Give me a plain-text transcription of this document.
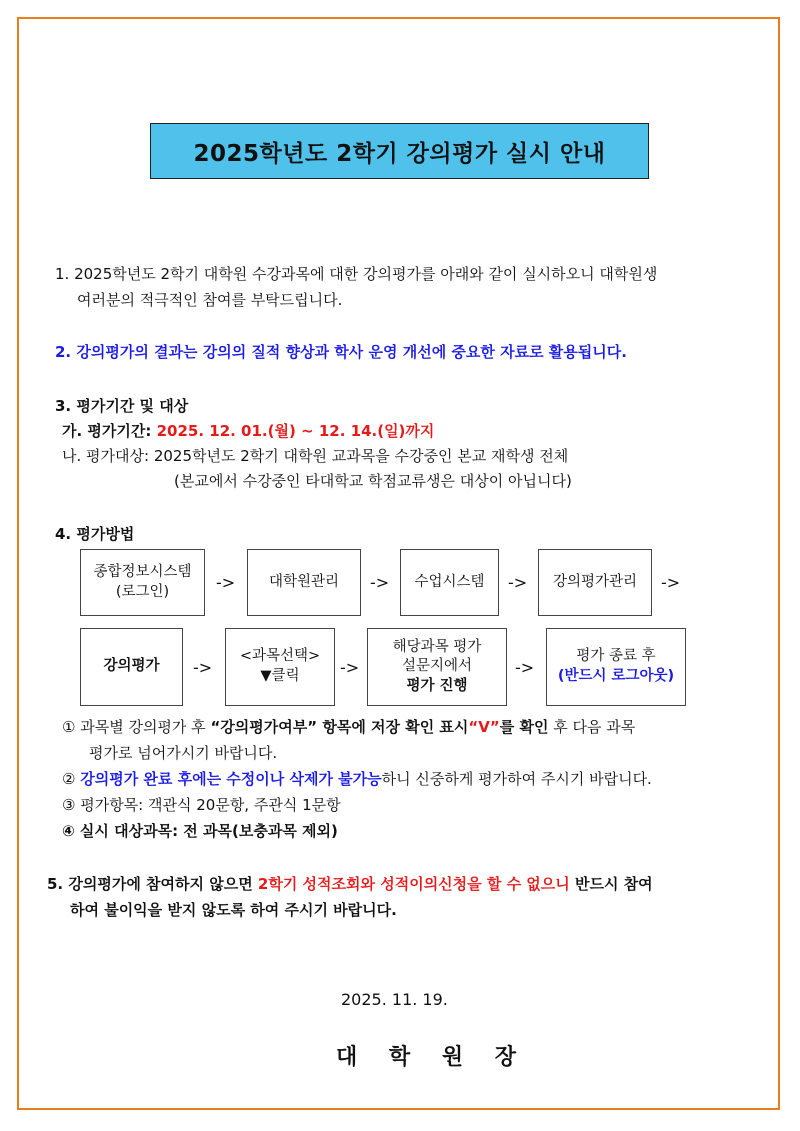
2025학년도 2학기 강의평가 실시 안내
1. 2025학년도 2학기 대학원 수강과목에 대한 강의평가를 아래와 같이 실시하오니 대학원생
여러분의 적극적인 참여를 부탁드립니다.
2. 강의평가의 결과는 강의의 질적 향상과 학사 운영 개선에 중요한 자료로 활용됩니다.
3. 평가기간 및 대상
가. 평가기간: 2025. 12. 01.(월) ~ 12. 14.(일)까지
나. 평가대상: 2025학년도 2학기 대학원 교과목을 수강중인 본교 재학생 전체
(본교에서 수강중인 타대학교 학점교류생은 대상이 아닙니다)
4. 평가방법
종합정보시스템
(로그인)	-> 대학원관리 -> 수업시스템 -> 강의평가관리 ->
강의평가 ->
<과목선택>
▼클릭	->
해당과목 평가
설문지에서
평가 진행
->
평가 종료 후
(반드시 로그아웃)
① 과목별 강의평가 후 “강의평가여부” 항목에 저장 확인 표시“V”를 확인 후 다음 과목
평가로 넘어가시기 바랍니다.
② 강의평가 완료 후에는 수정이나 삭제가 불가능하니 신중하게 평가하여 주시기 바랍니다.
③ 평가항목: 객관식 20문항, 주관식 1문항
④ 실시 대상과목: 전 과목(보충과목 제외)
5. 강의평가에 참여하지 않으면 2학기 성적조회와 성적이의신청을 할 수 없으니 반드시 참여
하여 불이익을 받지 않도록 하여 주시기 바랍니다.
2025. 11. 19.
대 학 원 장
